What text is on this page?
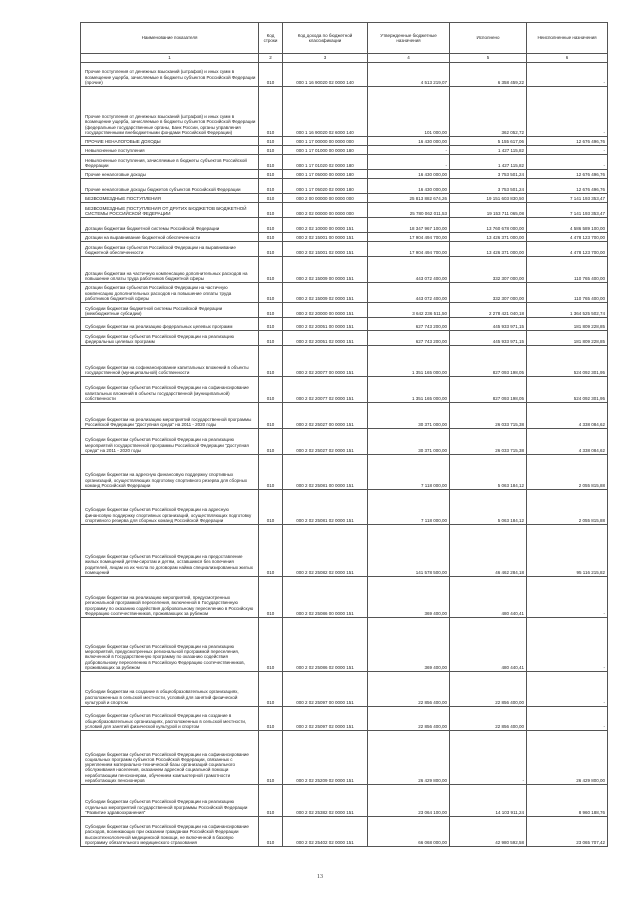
Наименование показателя	Код строки	Код дохода по бюджетной классификации	Утвержденные бюджетные назначения	Исполнено	Неисполненные назначения
1	2	3	4	5	6
Прочие поступления от денежных взысканий (штрафов) и иных сумм в возмещение ущерба, зачисляемые в бюджеты субъектов Российской Федерации (прочие)	010	000 1 16 90020 02 0000 140	4 513 219,07	6 358 459,22	-
Прочие поступления от денежных взысканий (штрафов) и иных сумм в возмещение ущерба, зачисляемые в бюджеты субъектов Российской Федерации (федеральные государственные органы, Банк России, органы управления государственными внебюджетными фондами Российской Федерации)	010	000 1 16 90020 02 6000 140	101 000,00	362 052,72	-
ПРОЧИЕ НЕНАЛОГОВЫЕ ДОХОДЫ	010	000 1 17 00000 00 0000 000	16 430 000,00	5 155 617,06	12 676 496,76
Невыясненные поступления	010	000 1 17 01000 00 0000 180	-	1 427 115,82	-
Невыясненные поступления, зачисляемые в бюджеты субъектов Российской Федерации	010	000 1 17 01020 02 0000 180	-	1 427 115,82	-
Прочие неналоговые доходы	010	000 1 17 05000 00 0000 180	16 430 000,00	3 753 501,24	12 676 496,76
Прочие неналоговые доходы бюджетов субъектов Российской Федерации	010	000 1 17 05020 02 0000 180	16 430 000,00	3 753 501,24	12 676 496,76
БЕЗВОЗМЕЗДНЫЕ ПОСТУПЛЕНИЯ	010	000 2 00 00000 00 0000 000	25 813 882 674,26	19 151 603 830,50	7 141 193 353,47
БЕЗВОЗМЕЗДНЫЕ ПОСТУПЛЕНИЯ ОТ ДРУГИХ БЮДЖЕТОВ БЮДЖЕТНОЙ СИСТЕМЫ РОССИЙСКОЙ ФЕДЕРАЦИИ	010	000 2 02 00000 00 0000 000	25 780 062 011,53	19 153 711 065,08	7 141 193 353,47
Дотации бюджетам бюджетной системы Российской Федерации	010	000 2 02 10000 00 0000 151	18 347 967 100,00	13 760 678 000,00	4 586 589 100,00
Дотации на выравнивание бюджетной обеспеченности	010	000 2 02 15001 00 0000 151	17 904 494 700,00	13 426 371 000,00	4 478 123 700,00
Дотации бюджетам субъектов Российской Федерации на выравнивание бюджетной обеспеченности	010	000 2 02 15001 02 0000 151	17 904 494 700,00	13 426 371 000,00	4 478 123 700,00
Дотации бюджетам на частичную компенсацию дополнительных расходов на повышение оплаты труда работников бюджетной сферы	010	000 2 02 15009 00 0000 151	443 072 400,00	332 307 000,00	110 765 400,00
Дотации бюджетам субъектов Российской Федерации на частичную компенсацию дополнительных расходов на повышение оплаты труда работников бюджетной сферы	010	000 2 02 15009 02 0000 151	443 072 400,00	332 307 000,00	110 765 400,00
Субсидии бюджетам бюджетной системы Российской Федерации (межбюджетные субсидии)	010	000 2 02 20000 00 0000 151	3 642 236 511,50	2 278 421 040,18	1 364 525 502,74
Субсидии бюджетам на реализацию федеральных целевых программ	010	000 2 02 20051 00 0000 151	627 743 200,00	445 933 971,15	181 809 228,85
Субсидии бюджетам субъектов Российской Федерации на реализацию федеральных целевых программ	010	000 2 02 20051 02 0000 151	627 743 200,00	445 933 971,15	181 809 228,85
Субсидии бюджетам на софинансирование капитальных вложений в объекты государственной (муниципальной) собственности	010	000 2 02 20077 00 0000 151	1 351 165 000,00	827 093 198,05	524 092 301,95
Субсидии бюджетам субъектов Российской Федерации на софинансирование капитальных вложений в объекты государственной (муниципальной) собственности	010	000 2 02 20077 02 0000 151	1 351 165 000,00	827 093 198,05	524 092 301,95
Субсидии бюджетам на реализацию мероприятий государственной программы Российской Федерации "Доступная среда" на 2011 - 2020 годы	010	000 2 02 25027 00 0000 151	30 371 000,00	26 033 715,38	4 338 084,62
Субсидии бюджетам субъектов Российской Федерации на реализацию мероприятий государственной программы Российской Федерации "Доступная среда" на 2011 - 2020 годы	010	000 2 02 25027 02 0000 151	30 371 000,00	26 033 715,38	4 338 084,62
Субсидии бюджетам на адресную финансовую поддержку спортивных организаций, осуществляющих подготовку спортивного резерва для сборных команд Российской Федерации	010	000 2 02 25081 00 0000 151	7 118 000,00	5 063 184,12	2 055 815,88
Субсидии бюджетам субъектов Российской Федерации на адресную финансовую поддержку спортивных организаций, осуществляющих подготовку спортивного резерва для сборных команд Российской Федерации	010	000 2 02 25081 02 0000 151	7 118 000,00	5 063 184,12	2 055 815,88
Субсидии бюджетам субъектов Российской Федерации на предоставление жилых помещений детям-сиротам и детям, оставшимся без попечения родителей, лицам из их числа по договорам найма специализированных жилых помещений	010	000 2 02 25082 02 0000 151	141 578 500,00	46 462 284,18	95 116 215,82
Субсидии бюджетам на реализацию мероприятий, предусмотренных региональной программой переселения, включенной в Государственную программу по оказанию содействия добровольному переселению в Российскую Федерацию соотечественников, проживающих за рубежом	010	000 2 02 25086 00 0000 151	369 400,00	480 440,41	-
Субсидии бюджетам субъектов Российской Федерации на реализацию мероприятий, предусмотренных региональной программой переселения, включенной в Государственную программу по оказанию содействия добровольному переселению в Российскую Федерацию соотечественников, проживающих за рубежом	010	000 2 02 25086 02 0000 151	369 400,00	480 440,41	-
Субсидии бюджетам на создание в общеобразовательных организациях, расположенных в сельской местности, условий для занятий физической культурой и спортом	010	000 2 02 25097 00 0000 151	22 856 400,00	22 856 400,00	-
Субсидии бюджетам субъектов Российской Федерации на создание в общеобразовательных организациях, расположенных в сельской местности, условий для занятий физической культурой и спортом	010	000 2 02 25097 02 0000 151	22 856 400,00	22 856 400,00	-
Субсидии бюджетам субъектов Российской Федерации на софинансирование социальных программ субъектов Российской Федерации, связанных с укреплением материально-технической базы организаций социального обслуживания населения, оказанием адресной социальной помощи неработающим пенсионерам, обучением компьютерной грамотности неработающих пенсионеров	010	000 2 02 25209 02 0000 151	26 429 800,00	-	26 429 800,00
Субсидии бюджетам субъектов Российской Федерации на реализацию отдельных мероприятий государственной программы Российской Федерации "Развитие здравоохранения"	010	000 2 02 25382 02 0000 151	23 064 100,00	14 103 911,24	8 960 188,76
Субсидии бюджетам субъектов Российской Федерации на софинансирование расходов, возникающих при оказании гражданам Российской Федерации высокотехнологичной медицинской помощи, не включенной в базовую программу обязательного медицинского страхования	010	000 2 02 25402 02 0000 151	66 068 000,00	42 980 592,58	23 065 707,42
13
